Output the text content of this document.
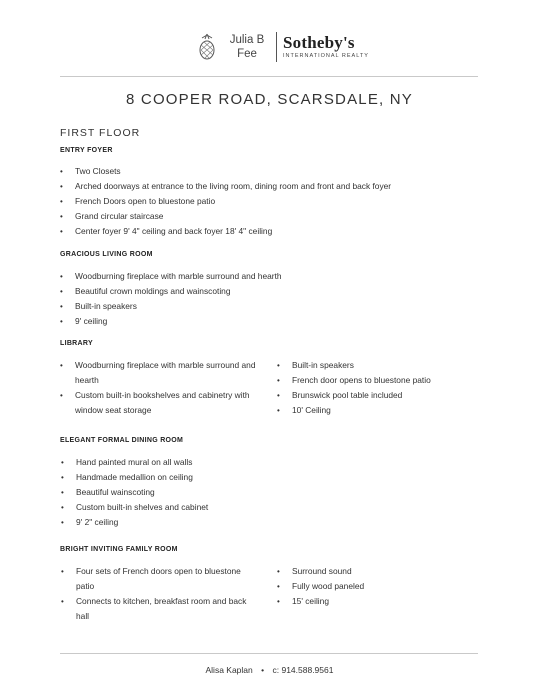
Julia B
Fee
Sotheby's
INTERNATIONAL REALTY
8 COOPER ROAD, SCARSDALE, NY
FIRST FLOOR
ENTRY FOYER
• Two Closets
• Arched doorways at entrance to the living room, dining room and front and back foyer
• French Doors open to bluestone patio
• Grand circular staircase
• Center foyer 9' 4" ceiling and back foyer 18' 4" ceiling
GRACIOUS LIVING ROOM
• Woodburning fireplace with marble surround and hearth
• Beautiful crown moldings and wainscoting
• Built-in speakers
• 9' ceiling
LIBRARY
• Woodburning fireplace with marble surround and hearth
• Custom built-in bookshelves and cabinetry with window seat storage
• Built-in speakers
• French door opens to bluestone patio
• Brunswick pool table included
• 10' Ceiling
ELEGANT FORMAL DINING ROOM
• Hand painted mural on all walls
• Handmade medallion on ceiling
• Beautiful wainscoting
• Custom built-in shelves and cabinet
• 9' 2" ceiling
BRIGHT INVITING FAMILY ROOM
• Four sets of French doors open to bluestone patio
• Connects to kitchen, breakfast room and back hall
• Surround sound
• Fully wood paneled
• 15' ceiling
Alisa Kaplan • c: 914.588.9561
